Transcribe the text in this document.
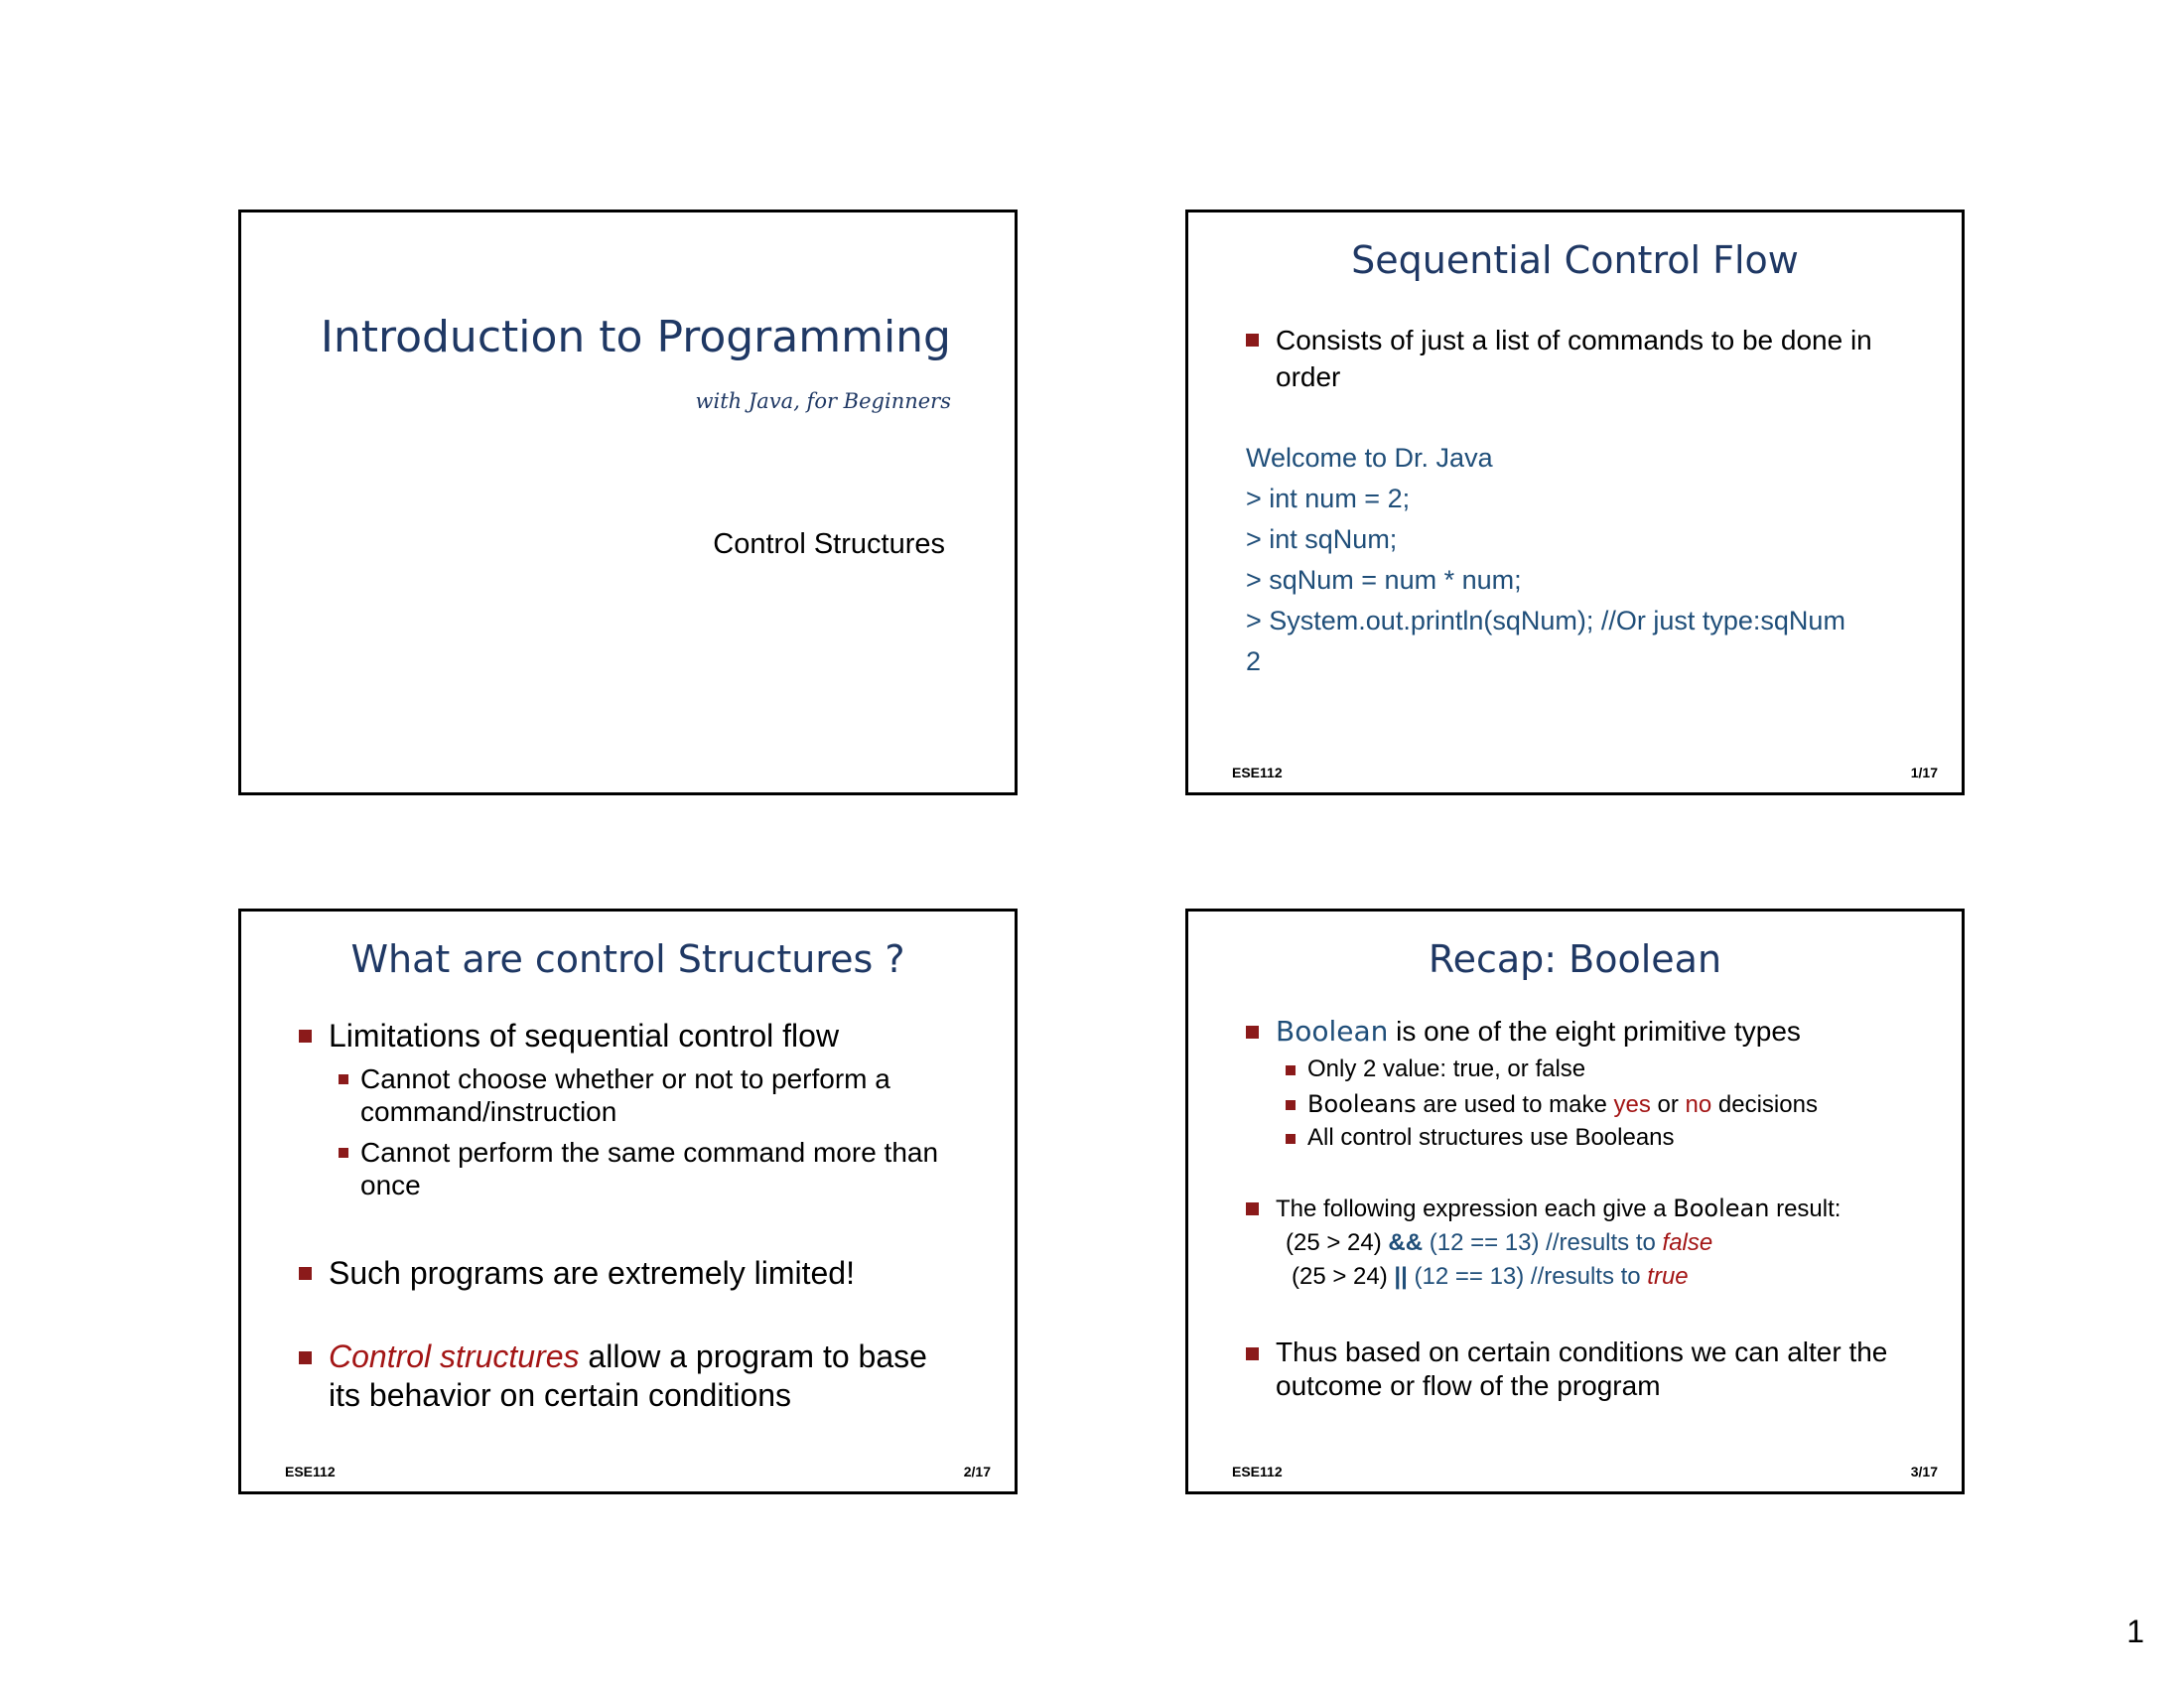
Introduction to Programming
with Java, for Beginners
Control Structures
Sequential Control Flow
Consists of just a list of commands to be done in order
Welcome to Dr. Java
> int num = 2;
> int sqNum;
> sqNum = num * num;
> System.out.println(sqNum); //Or just type:sqNum
2
ESE112	1/17
What are control Structures ?
Limitations of sequential control flow
Cannot choose whether or not to perform a command/instruction
Cannot perform the same command more than once
Such programs are extremely limited!
Control structures allow a program to base its behavior on certain conditions
ESE112	2/17
Recap: Boolean
Boolean is one of the eight primitive types
Only 2 value: true, or false
Booleans are used to make yes or no decisions
All control structures use Booleans
The following expression each give a Boolean result:
(25 > 24) && (12 == 13) //results to false
(25 > 24) || (12 == 13) //results to true
Thus based on certain conditions we can alter the outcome or flow of the program
ESE112	3/17
1
